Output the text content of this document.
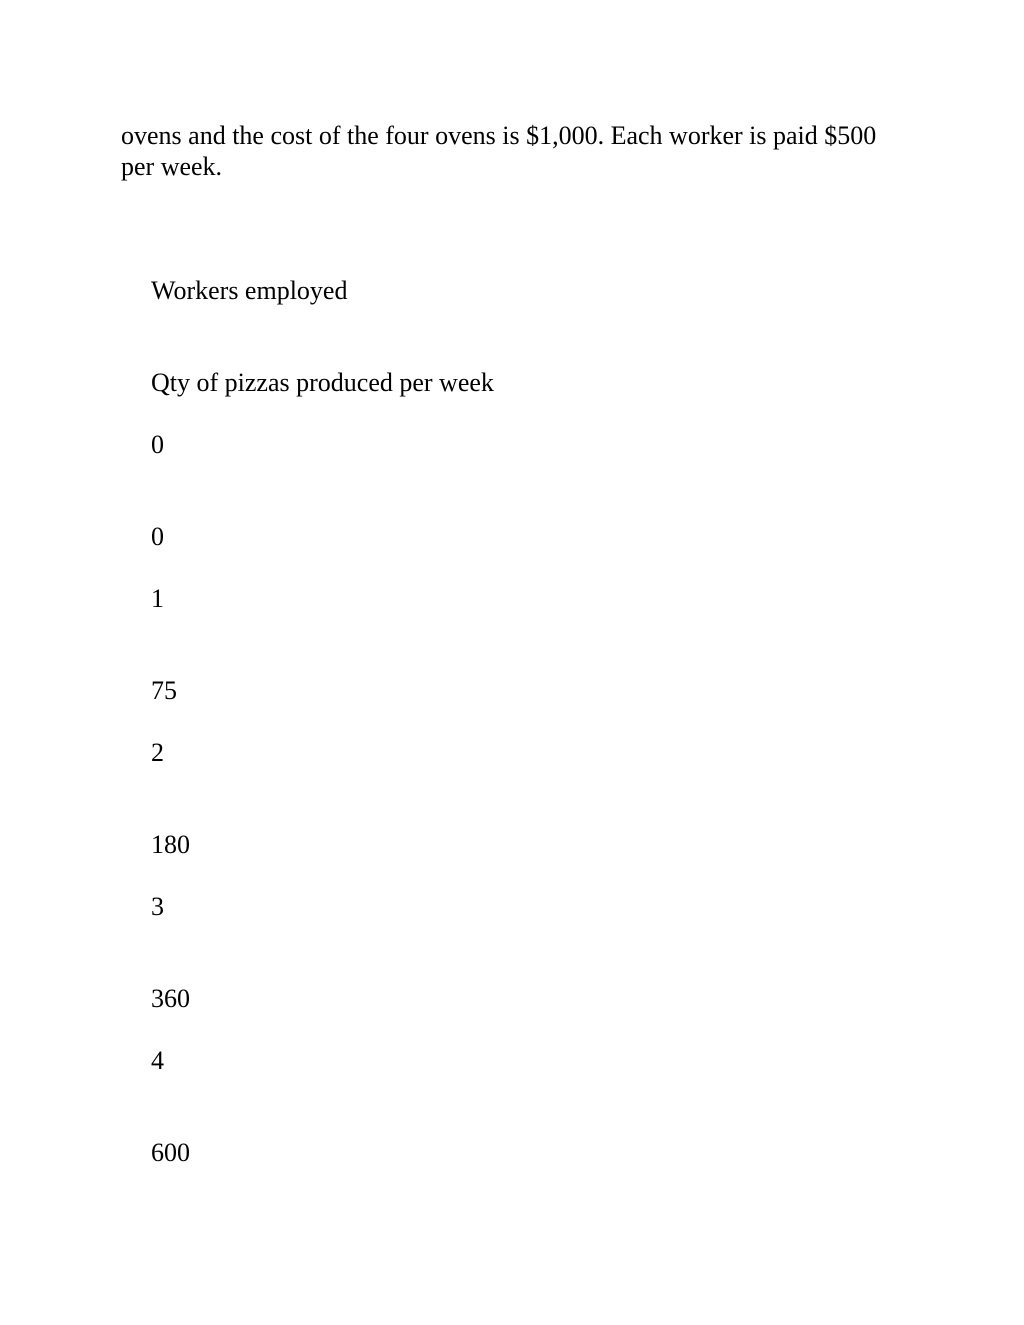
ovens and the cost of the four ovens is $1,000. Each worker is paid $500
per week.

Workers employed

Qty of pizzas produced per week

0

0

1

75

2

180

3

360

4

600
